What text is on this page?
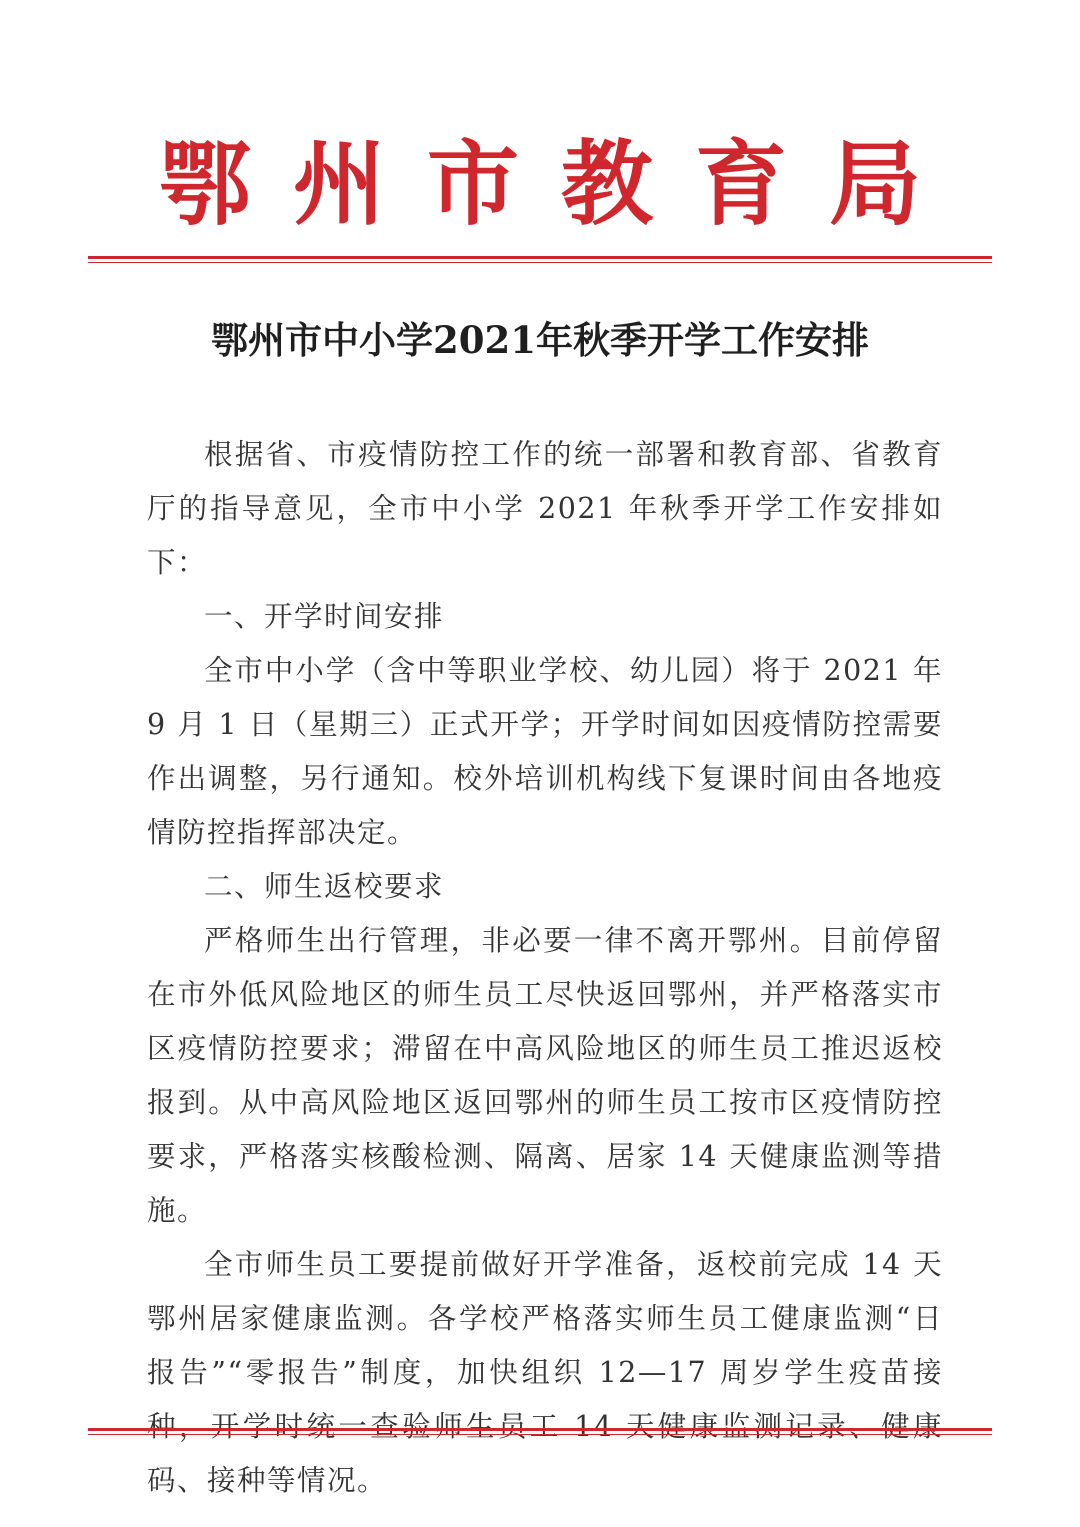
鄂州市教育局
鄂州市中小学2021年秋季开学工作安排

根据省、市疫情防控工作的统一部署和教育部、省教育厅的指导意见，全市中小学 2021 年秋季开学工作安排如下：

一、开学时间安排

全市中小学（含中等职业学校、幼儿园）将于 2021 年 9 月 1 日（星期三）正式开学；开学时间如因疫情防控需要作出调整，另行通知。校外培训机构线下复课时间由各地疫情防控指挥部决定。

二、师生返校要求

严格师生出行管理，非必要一律不离开鄂州。目前停留在市外低风险地区的师生员工尽快返回鄂州，并严格落实市区疫情防控要求；滞留在中高风险地区的师生员工推迟返校报到。从中高风险地区返回鄂州的师生员工按市区疫情防控要求，严格落实核酸检测、隔离、居家 14 天健康监测等措施。

全市师生员工要提前做好开学准备，返校前完成 14 天鄂州居家健康监测。各学校严格落实师生员工健康监测“日报告”“零报告”制度，加快组织 12—17 周岁学生疫苗接种，开学时统一查验师生员工 14 天健康监测记录、健康码、接种等情况。
